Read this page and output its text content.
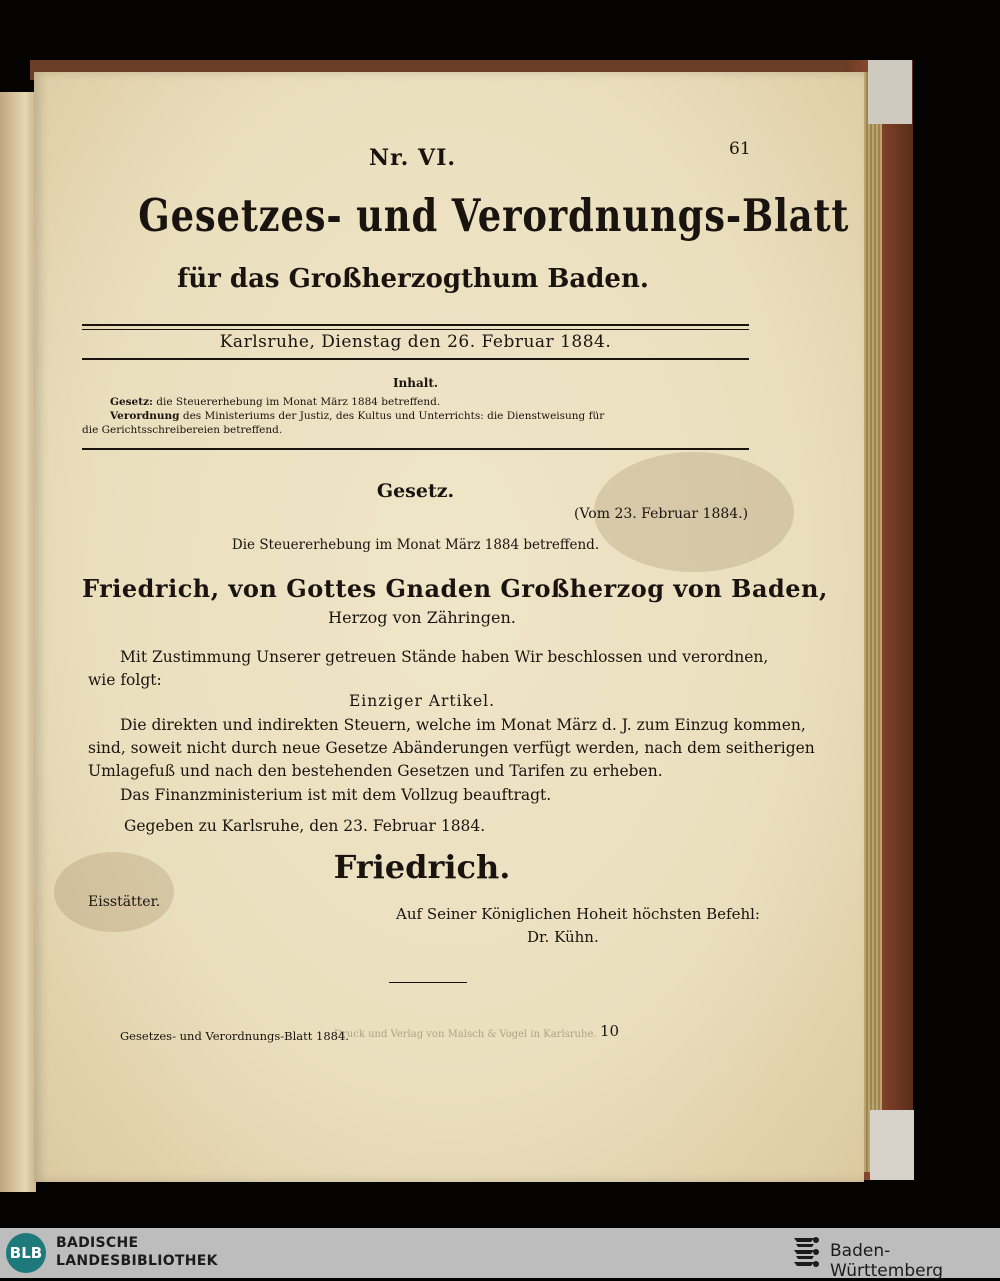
Nr. VI.	61
Gesetzes- und Verordnungs-Blatt
für das Großherzogthum Baden.
Karlsruhe, Dienstag den 26. Februar 1884.
Inhalt.
Gesetz: die Steuererhebung im Monat März 1884 betreffend.
Verordnung des Ministeriums der Justiz, des Kultus und Unterrichts: die Dienstweisung für
die Gerichtsschreibereien betreffend.
Gesetz.
(Vom 23. Februar 1884.)
Die Steuererhebung im Monat März 1884 betreffend.
Friedrich, von Gottes Gnaden Großherzog von Baden,
Herzog von Zähringen.
Mit Zustimmung Unserer getreuen Stände haben Wir beschlossen und verordnen,
wie folgt:
Einziger Artikel.
Die direkten und indirekten Steuern, welche im Monat März d. J. zum Einzug kommen,
sind, soweit nicht durch neue Gesetze Abänderungen verfügt werden, nach dem seitherigen
Umlagefuß und nach den bestehenden Gesetzen und Tarifen zu erheben.
Das Finanzministerium ist mit dem Vollzug beauftragt.
Gegeben zu Karlsruhe, den 23. Februar 1884.
Friedrich.
Eisstätter.
Auf Seiner Königlichen Hoheit höchsten Befehl:
Dr. Kühn.
Gesetzes- und Verordnungs-Blatt 1884.
Druck und Verlag von Malsch & Vogel in Karlsruhe. 10
BLB
BADISCHE
LANDESBIBLIOTHEK	Baden-Württemberg
